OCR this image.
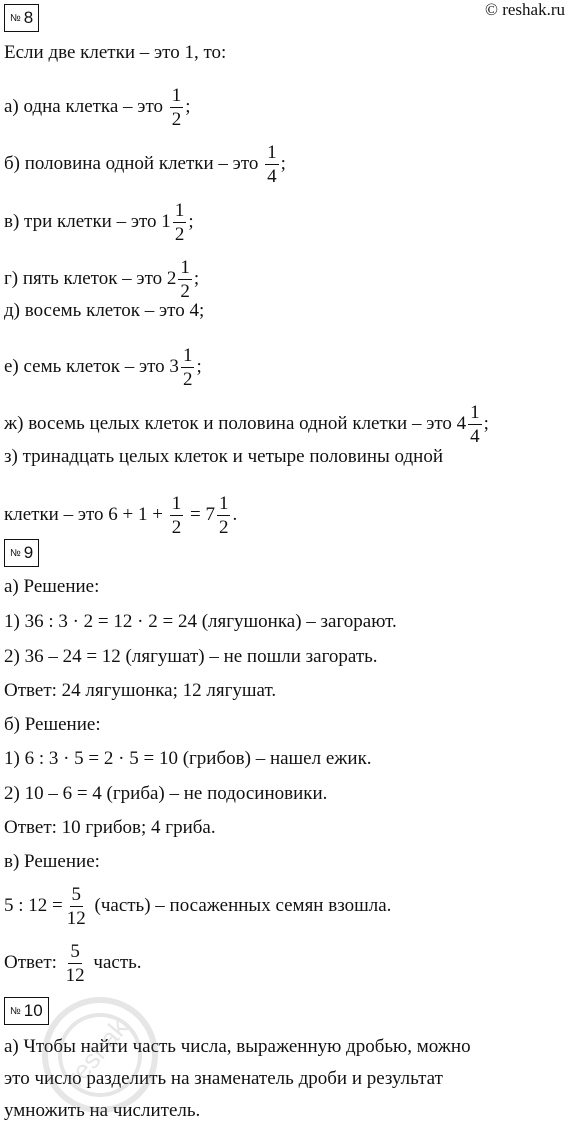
© reshak.ru
№ 8
Если две клетки – это 1, то:
а) одна клетка – это $\frac{1}{2}$ ;
б) половина одной клетки – это $\frac{1}{4}$ ;
в) три клетки – это $1 \frac{1}{2}$ ;
г) пять клеток – это $2 \frac{1}{2}$ ;
д) восемь клеток – это 4;
е) семь клеток – это $3 \frac{1}{2}$ ;
ж) восемь целых клеток и половина одной клетки – это $4 \frac{1}{4}$ ;
з) тринадцать целых клеток и четыре половины одной
клетки – это $6 + 1 + \frac{1}{2} = 7 \frac{1}{2}$ .
№ 9
а) Решение:
1) 36 : 3 · 2 = 12 · 2 = 24 (лягушонка) – загорают.
2) 36 – 24 = 12 (лягушат) – не пошли загорать.
Ответ: 24 лягушонка; 12 лягушат.
б) Решение:
1) 6 : 3 · 5 = 2 · 5 = 10 (грибов) – нашел ежик.
2) 10 – 6 = 4 (гриба) – не подосиновики.
Ответ: 10 грибов; 4 гриба.
в) Решение:
5 : $12 = \frac{5}{12}$ (часть) – посаженных семян взошла.
Ответ: $\frac{5}{12}$ часть.
№ 10
а) Чтобы найти часть числа, выраженную дробью, можно
это число разделить на знаменатель дроби и результат
умножить на числитель.
reshak
